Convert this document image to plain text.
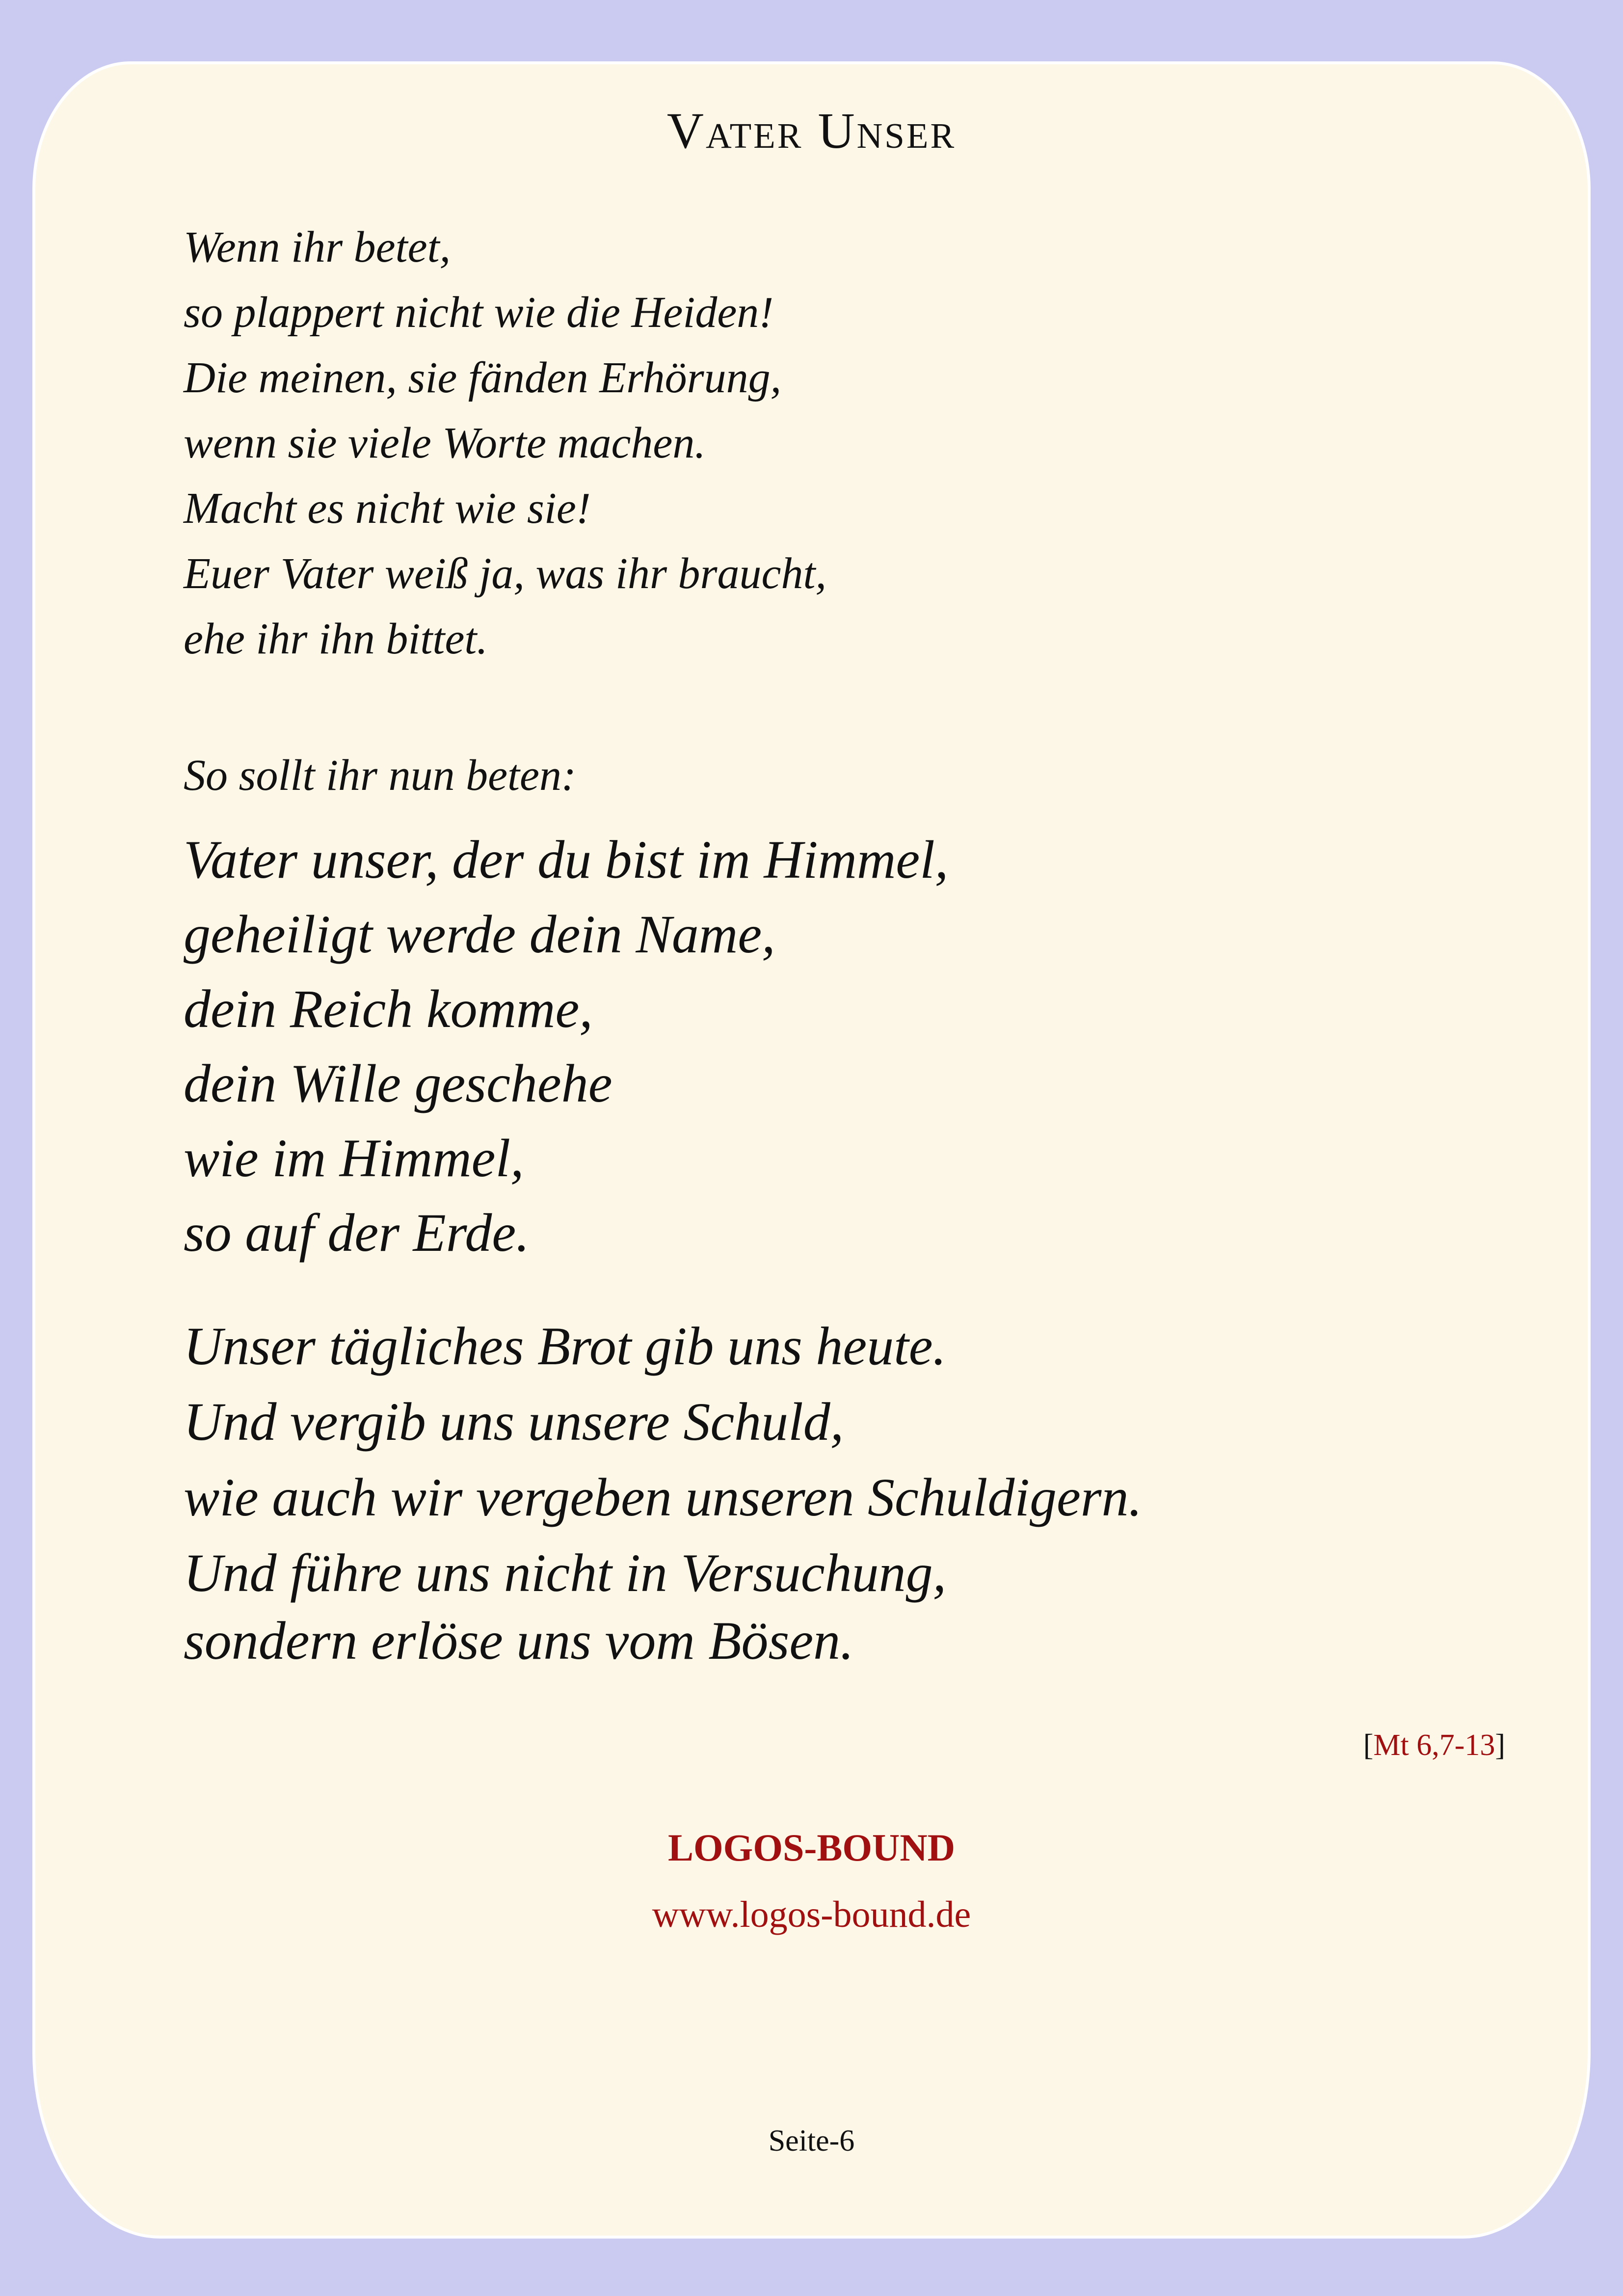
Vater Unser
Wenn ihr betet,
so plappert nicht wie die Heiden!
Die meinen, sie fänden Erhörung,
wenn sie viele Worte machen.
Macht es nicht wie sie!
Euer Vater weiß ja, was ihr braucht,
ehe ihr ihn bittet.
So sollt ihr nun beten:
Vater unser, der du bist im Himmel,
geheiligt werde dein Name,
dein Reich komme,
dein Wille geschehe
wie im Himmel,
so auf der Erde.
Unser tägliches Brot gib uns heute.
Und vergib uns unsere Schuld,
wie auch wir vergeben unseren Schuldigern.
Und führe uns nicht in Versuchung,
sondern erlöse uns vom Bösen.
[Mt 6,7-13]
LOGOS-BOUND
www.logos-bound.de
Seite-6
